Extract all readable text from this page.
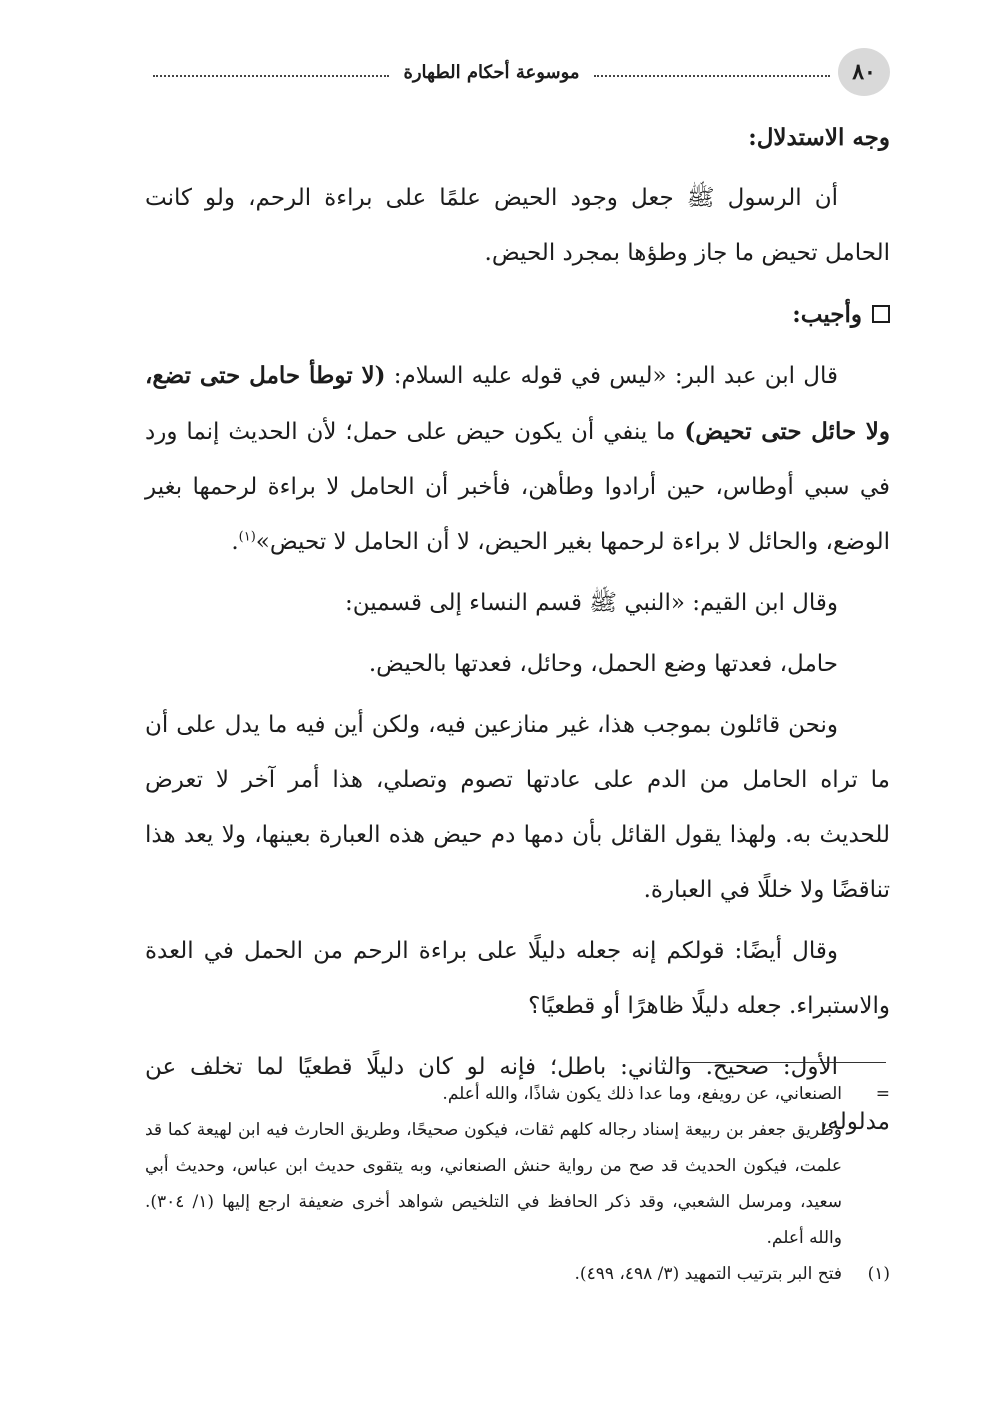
٨٠
موسوعة أحكام الطهارة

وجه الاستدلال:

أن الرسول ﷺ جعل وجود الحيض علمًا على براءة الرحم، ولو كانت الحامل تحيض ما جاز وطؤها بمجرد الحيض.

وأجيب:

قال ابن عبد البر: «ليس في قوله عليه السلام: (لا توطأ حامل حتى تضع، ولا حائل حتى تحيض) ما ينفي أن يكون حيض على حمل؛ لأن الحديث إنما ورد في سبي أوطاس، حين أرادوا وطأهن، فأخبر أن الحامل لا براءة لرحمها بغير الوضع، والحائل لا براءة لرحمها بغير الحيض، لا أن الحامل لا تحيض»$^{(١)}$.

وقال ابن القيم: «النبي ﷺ قسم النساء إلى قسمين:

حامل، فعدتها وضع الحمل، وحائل، فعدتها بالحيض.

ونحن قائلون بموجب هذا، غير منازعين فيه، ولكن أين فيه ما يدل على أن ما تراه الحامل من الدم على عادتها تصوم وتصلي، هذا أمر آخر لا تعرض للحديث به. ولهذا يقول القائل بأن دمها دم حيض هذه العبارة بعينها، ولا يعد هذا تناقضًا ولا خللًا في العبارة.

وقال أيضًا: قولكم إنه جعله دليلًا على براءة الرحم من الحمل في العدة والاستبراء. جعله دليلًا ظاهرًا أو قطعيًا؟

الأول: صحيح. والثاني: باطل؛ فإنه لو كان دليلًا قطعيًا لما تخلف عن مدلوله،

=
الصنعاني، عن رويفع، وما عدا ذلك يكون شاذًا، والله أعلم.
وطريق جعفر بن ربيعة إسناد رجاله كلهم ثقات، فيكون صحيحًا، وطريق الحارث فيه ابن لهيعة كما قد علمت، فيكون الحديث قد صح من رواية حنش الصنعاني، وبه يتقوى حديث ابن عباس، وحديث أبي سعيد، ومرسل الشعبي، وقد ذكر الحافظ في التلخيص شواهد أخرى ضعيفة ارجع إليها (١/ ٣٠٤). والله أعلم.
(١)
فتح البر بترتيب التمهيد (٣/ ٤٩٨، ٤٩٩).
